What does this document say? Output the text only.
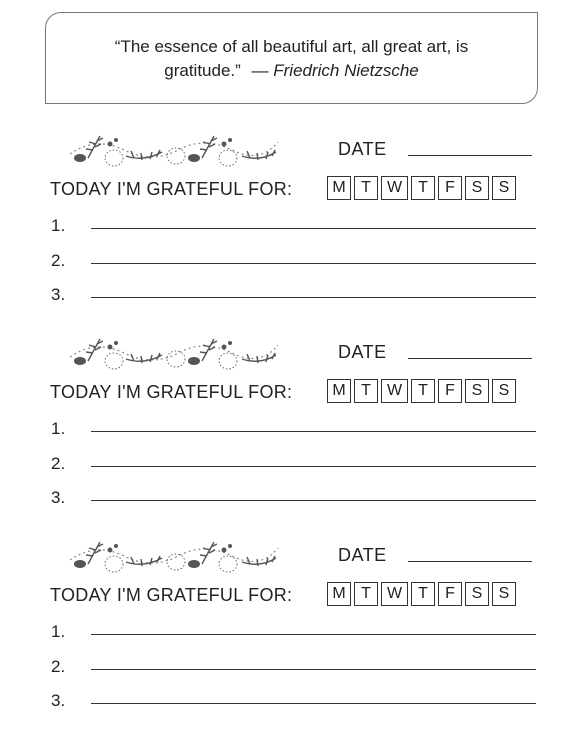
“The essence of all beautiful art, all great art, is gratitude.” — Friedrich Nietzsche
DATE
TODAY I'M GRATEFUL FOR:	M T	W	T	F	S	S
1.
2.
3.
DATE
TODAY I'M GRATEFUL FOR:	M T	W	T	F	S	S
1.
2.
3.
DATE
TODAY I'M GRATEFUL FOR:	M T	W	T	F	S	S
1.
2.
3.
